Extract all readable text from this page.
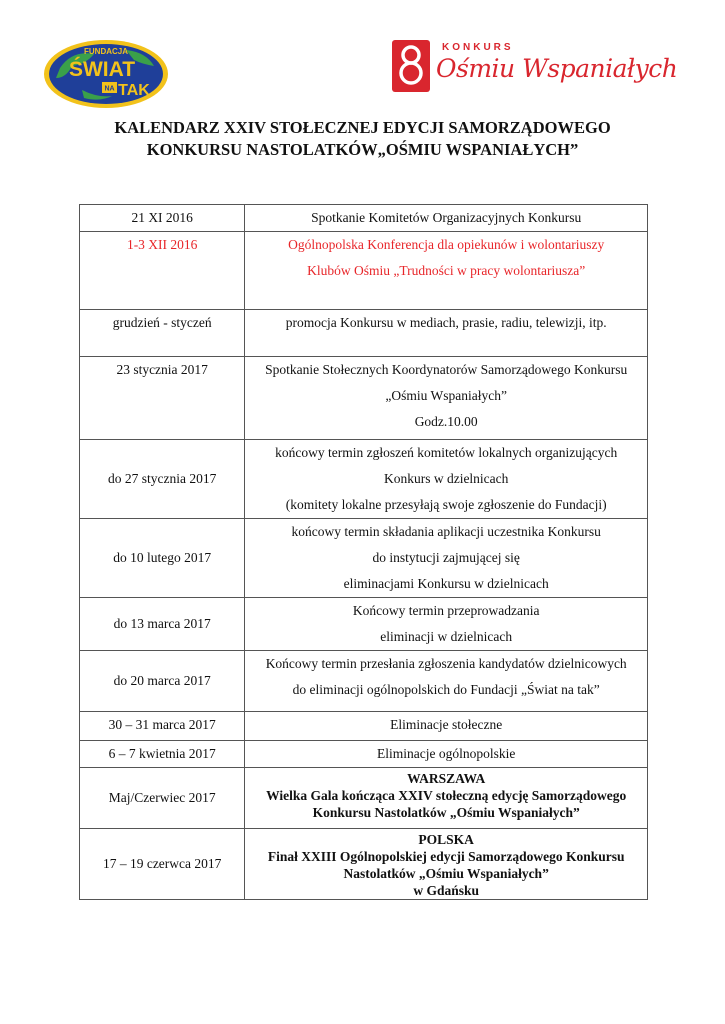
FUNDACJA
ŚWIAT
NA TAK
KONKURS
Ośmiu Wspaniałych
KALENDARZ XXIV STOŁECZNEJ EDYCJI SAMORZĄDOWEGO
KONKURSU NASTOLATKÓW„OŚMIU WSPANIAŁYCH”
21 XI 2016	Spotkanie Komitetów Organizacyjnych Konkursu

1-3 XII 2016	Ogólnopolska Konferencja dla opiekunów i wolontariuszy
Klubów Ośmiu „Trudności w pracy wolontariusza”

grudzień - styczeń	promocja Konkursu w mediach, prasie, radiu, telewizji, itp.

23 stycznia 2017	Spotkanie Stołecznych Koordynatorów Samorządowego Konkursu
„Ośmiu Wspaniałych”
Godz.10.00

do 27 stycznia 2017	końcowy termin zgłoszeń komitetów lokalnych organizujących
Konkurs w dzielnicach
(komitety lokalne przesyłają swoje zgłoszenie do Fundacji)

do 10 lutego 2017	końcowy termin składania aplikacji uczestnika Konkursu
do instytucji zajmującej się
eliminacjami Konkursu w dzielnicach

do 13 marca 2017	Końcowy termin przeprowadzania
eliminacji w dzielnicach

do 20 marca 2017	Końcowy termin przesłania zgłoszenia kandydatów dzielnicowych
do eliminacji ogólnopolskich do Fundacji „Świat na tak”

30 – 31 marca 2017	Eliminacje stołeczne

6 – 7 kwietnia 2017	Eliminacje ogólnopolskie

Maj/Czerwiec 2017	WARSZAWA
Wielka Gala kończąca XXIV stołeczną edycję Samorządowego
Konkursu Nastolatków „Ośmiu Wspaniałych”

17 – 19 czerwca 2017	POLSKA
Finał XXIII Ogólnopolskiej edycji Samorządowego Konkursu
Nastolatków „Ośmiu Wspaniałych”
w Gdańsku
